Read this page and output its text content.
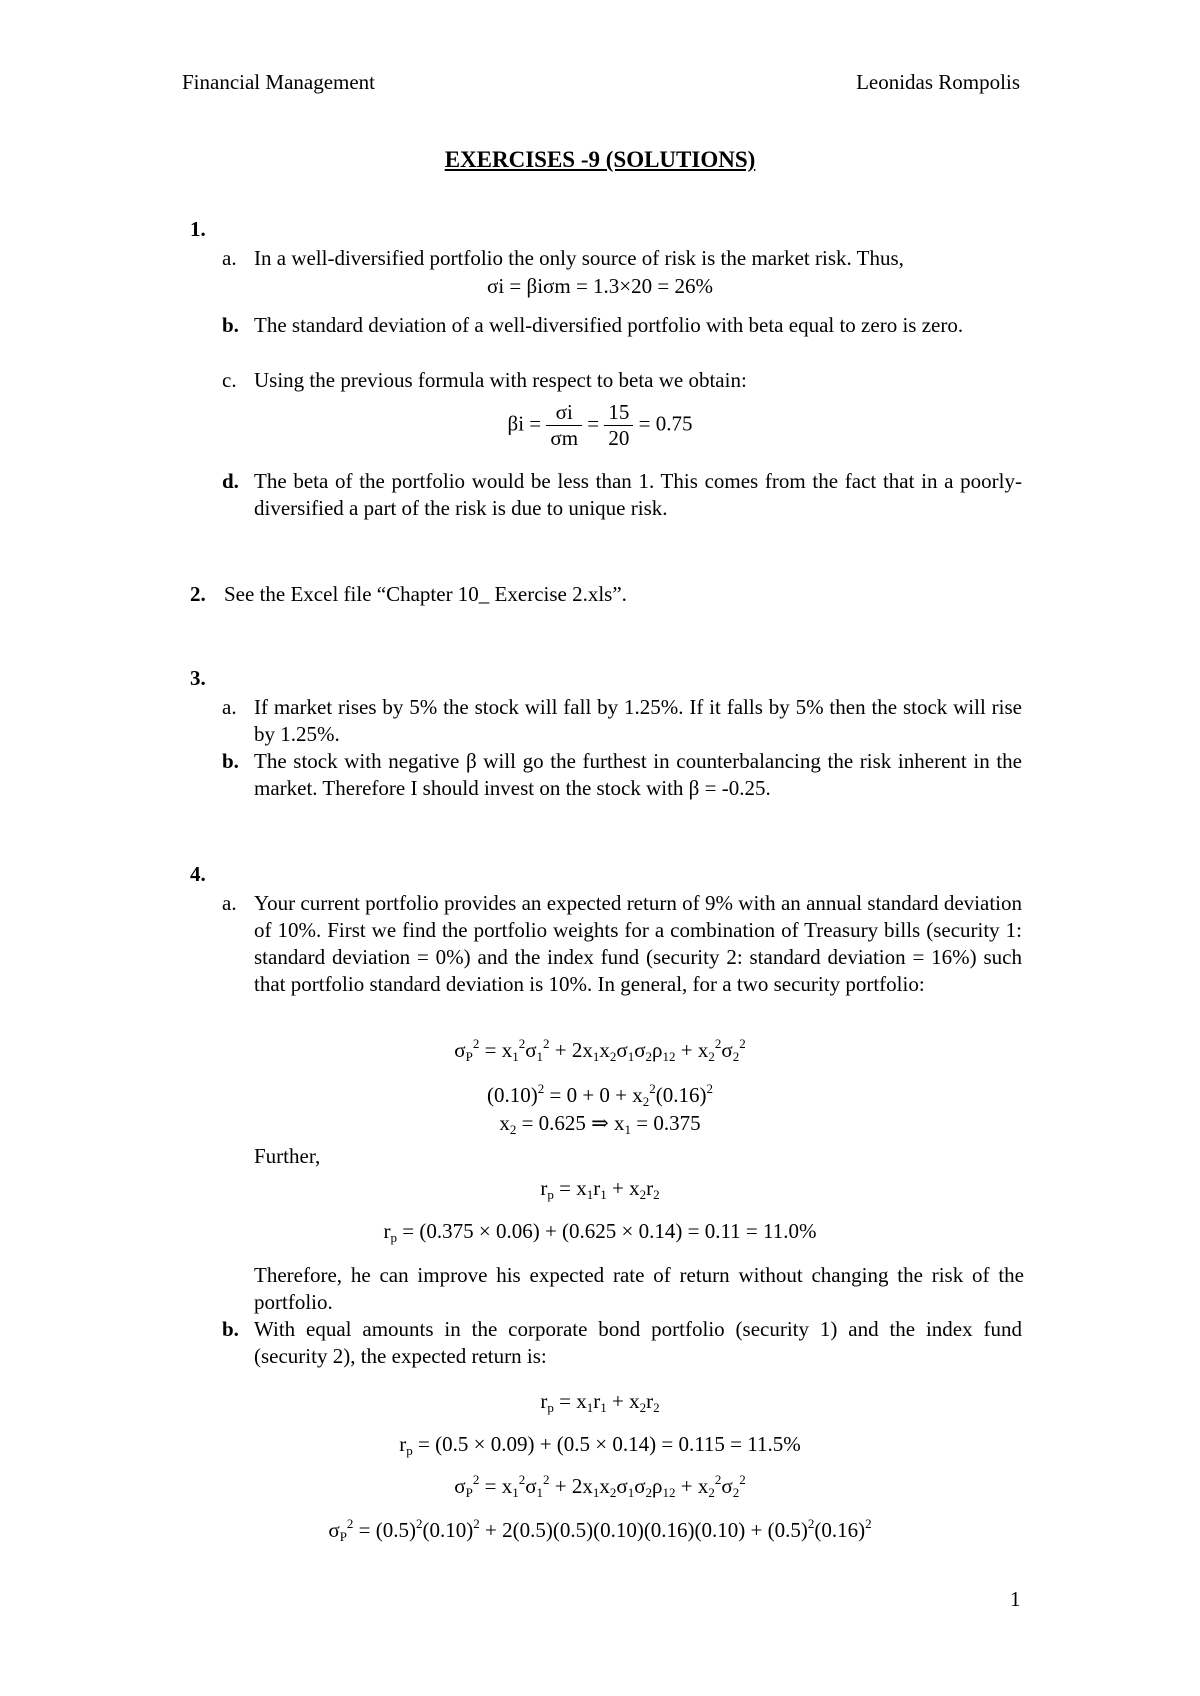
Financial Management	Leonidas Rompolis
EXERCISES -9 (SOLUTIONS)
1.
a. In a well-diversified portfolio the only source of risk is the market risk. Thus,
σi = βiσm = 1.3×20 = 26%
b. The standard deviation of a well-diversified portfolio with beta equal to zero is zero.
c. Using the previous formula with respect to beta we obtain:
$\beta i = \frac{\sigma i}{\sigma m} = \frac{15}{20} = 0.75$
d. The beta of the portfolio would be less than 1. This comes from the fact that in a poorly-diversified a part of the risk is due to unique risk.
2. See the Excel file “Chapter 10_ Exercise 2.xls”.
3.
a. If market rises by 5% the stock will fall by 1.25%. If it falls by 5% then the stock will rise by 1.25%.
b. The stock with negative β will go the furthest in counterbalancing the risk inherent in the market. Therefore I should invest on the stock with β = -0.25.
4.
a. Your current portfolio provides an expected return of 9% with an annual standard deviation of 10%. First we find the portfolio weights for a combination of Treasury bills (security 1: standard deviation = 0%) and the index fund (security 2: standard deviation = 16%) such that portfolio standard deviation is 10%. In general, for a two security portfolio:
$\sigma_P^2 = x_1^2\sigma_1^2 + 2x_1x_2\sigma_1\sigma_2\rho_{12} + x_2^2\sigma_2^2$
$(0.10)^2 = 0 + 0 + x_2^2(0.16)^2$
$x_2 = 0.625$ ⇒ $x_1 = 0.375$
Further,
$r_p = x_1r_1 + x_2r_2$
$r_p = (0.375 \times 0.06) + (0.625 \times 0.14) = 0.11 = 11.0\%$
Therefore, he can improve his expected rate of return without changing the risk of the portfolio.
b. With equal amounts in the corporate bond portfolio (security 1) and the index fund (security 2), the expected return is:
$r_p = x_1r_1 + x_2r_2$
$r_p = (0.5 \times 0.09) + (0.5 \times 0.14) = 0.115 = 11.5\%$
$\sigma_P^2 = x_1^2\sigma_1^2 + 2x_1x_2\sigma_1\sigma_2\rho_{12} + x_2^2\sigma_2^2$
$\sigma_P^2 = (0.5)^2(0.10)^2 + 2(0.5)(0.5)(0.10)(0.16)(0.10) + (0.5)^2(0.16)^2$
1
